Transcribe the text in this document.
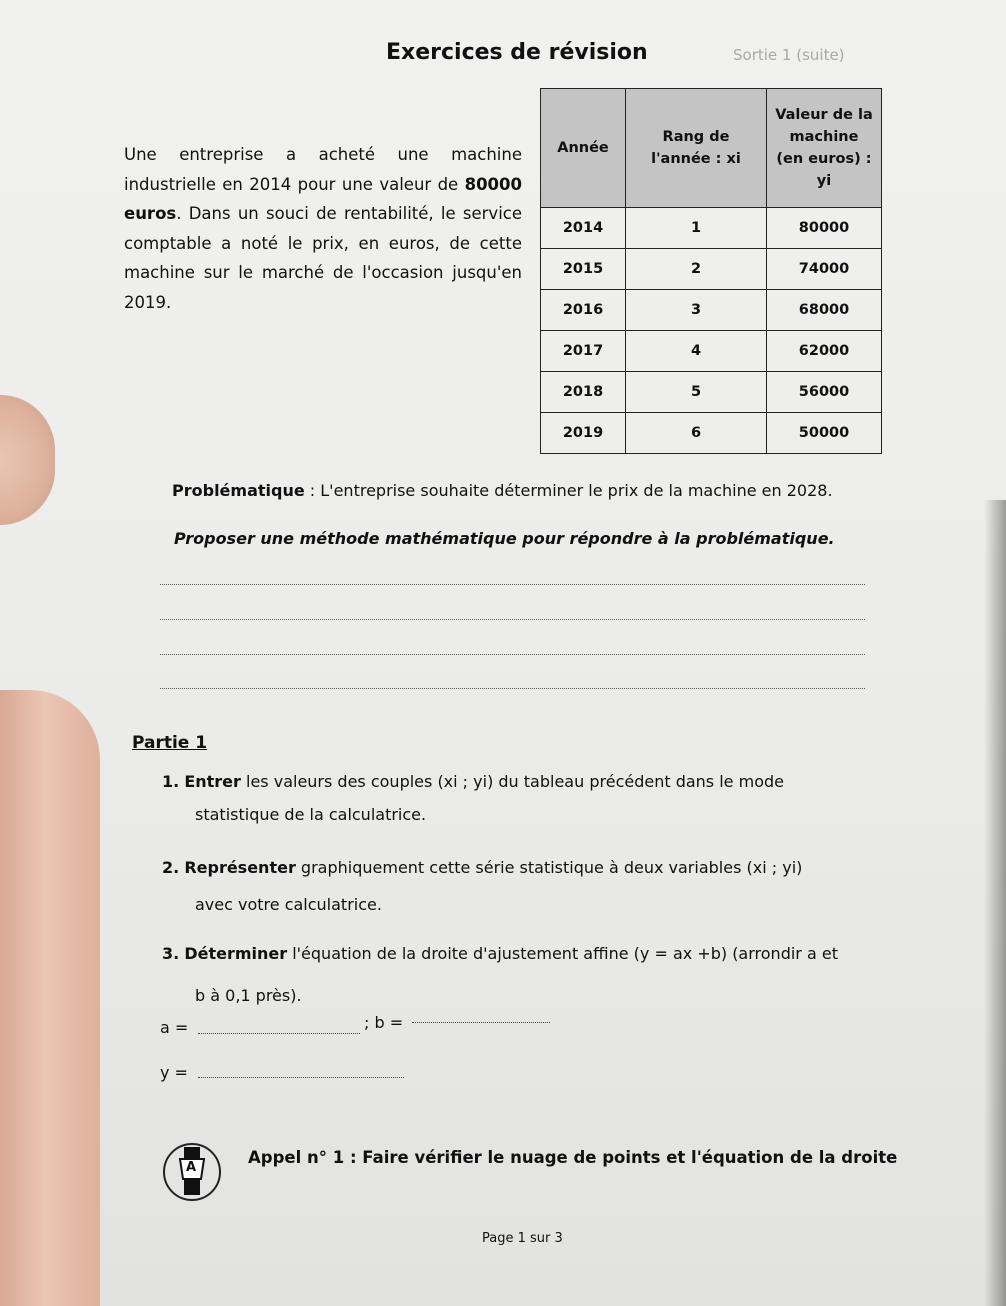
Exercices de révision	Sortie 1 (suite)
Une entreprise a acheté une machine industrielle en 2014 pour une valeur de 80000 euros. Dans un souci de rentabilité, le service comptable a noté le prix, en euros, de cette machine sur le marché de l'occasion jusqu'en 2019.
Année	Rang de l'année : xi	Valeur de la machine (en euros) : yi
2014	1	80000
2015	2	74000
2016	3	68000
2017	4	62000
2018	5	56000
2019	6	50000
Problématique : L'entreprise souhaite déterminer le prix de la machine en 2028.
Proposer une méthode mathématique pour répondre à la problématique.
Partie 1
1. Entrer les valeurs des couples (xi ; yi) du tableau précédent dans le mode
statistique de la calculatrice.
2. Représenter graphiquement cette série statistique à deux variables (xi ; yi)
avec votre calculatrice.
3. Déterminer l'équation de la droite d'ajustement affine (y = ax +b) (arrondir a et
b à 0,1 près).
a =	; b =
y =
A
Appel n° 1 : Faire vérifier le nuage de points et l'équation de la droite
Page 1 sur 3
